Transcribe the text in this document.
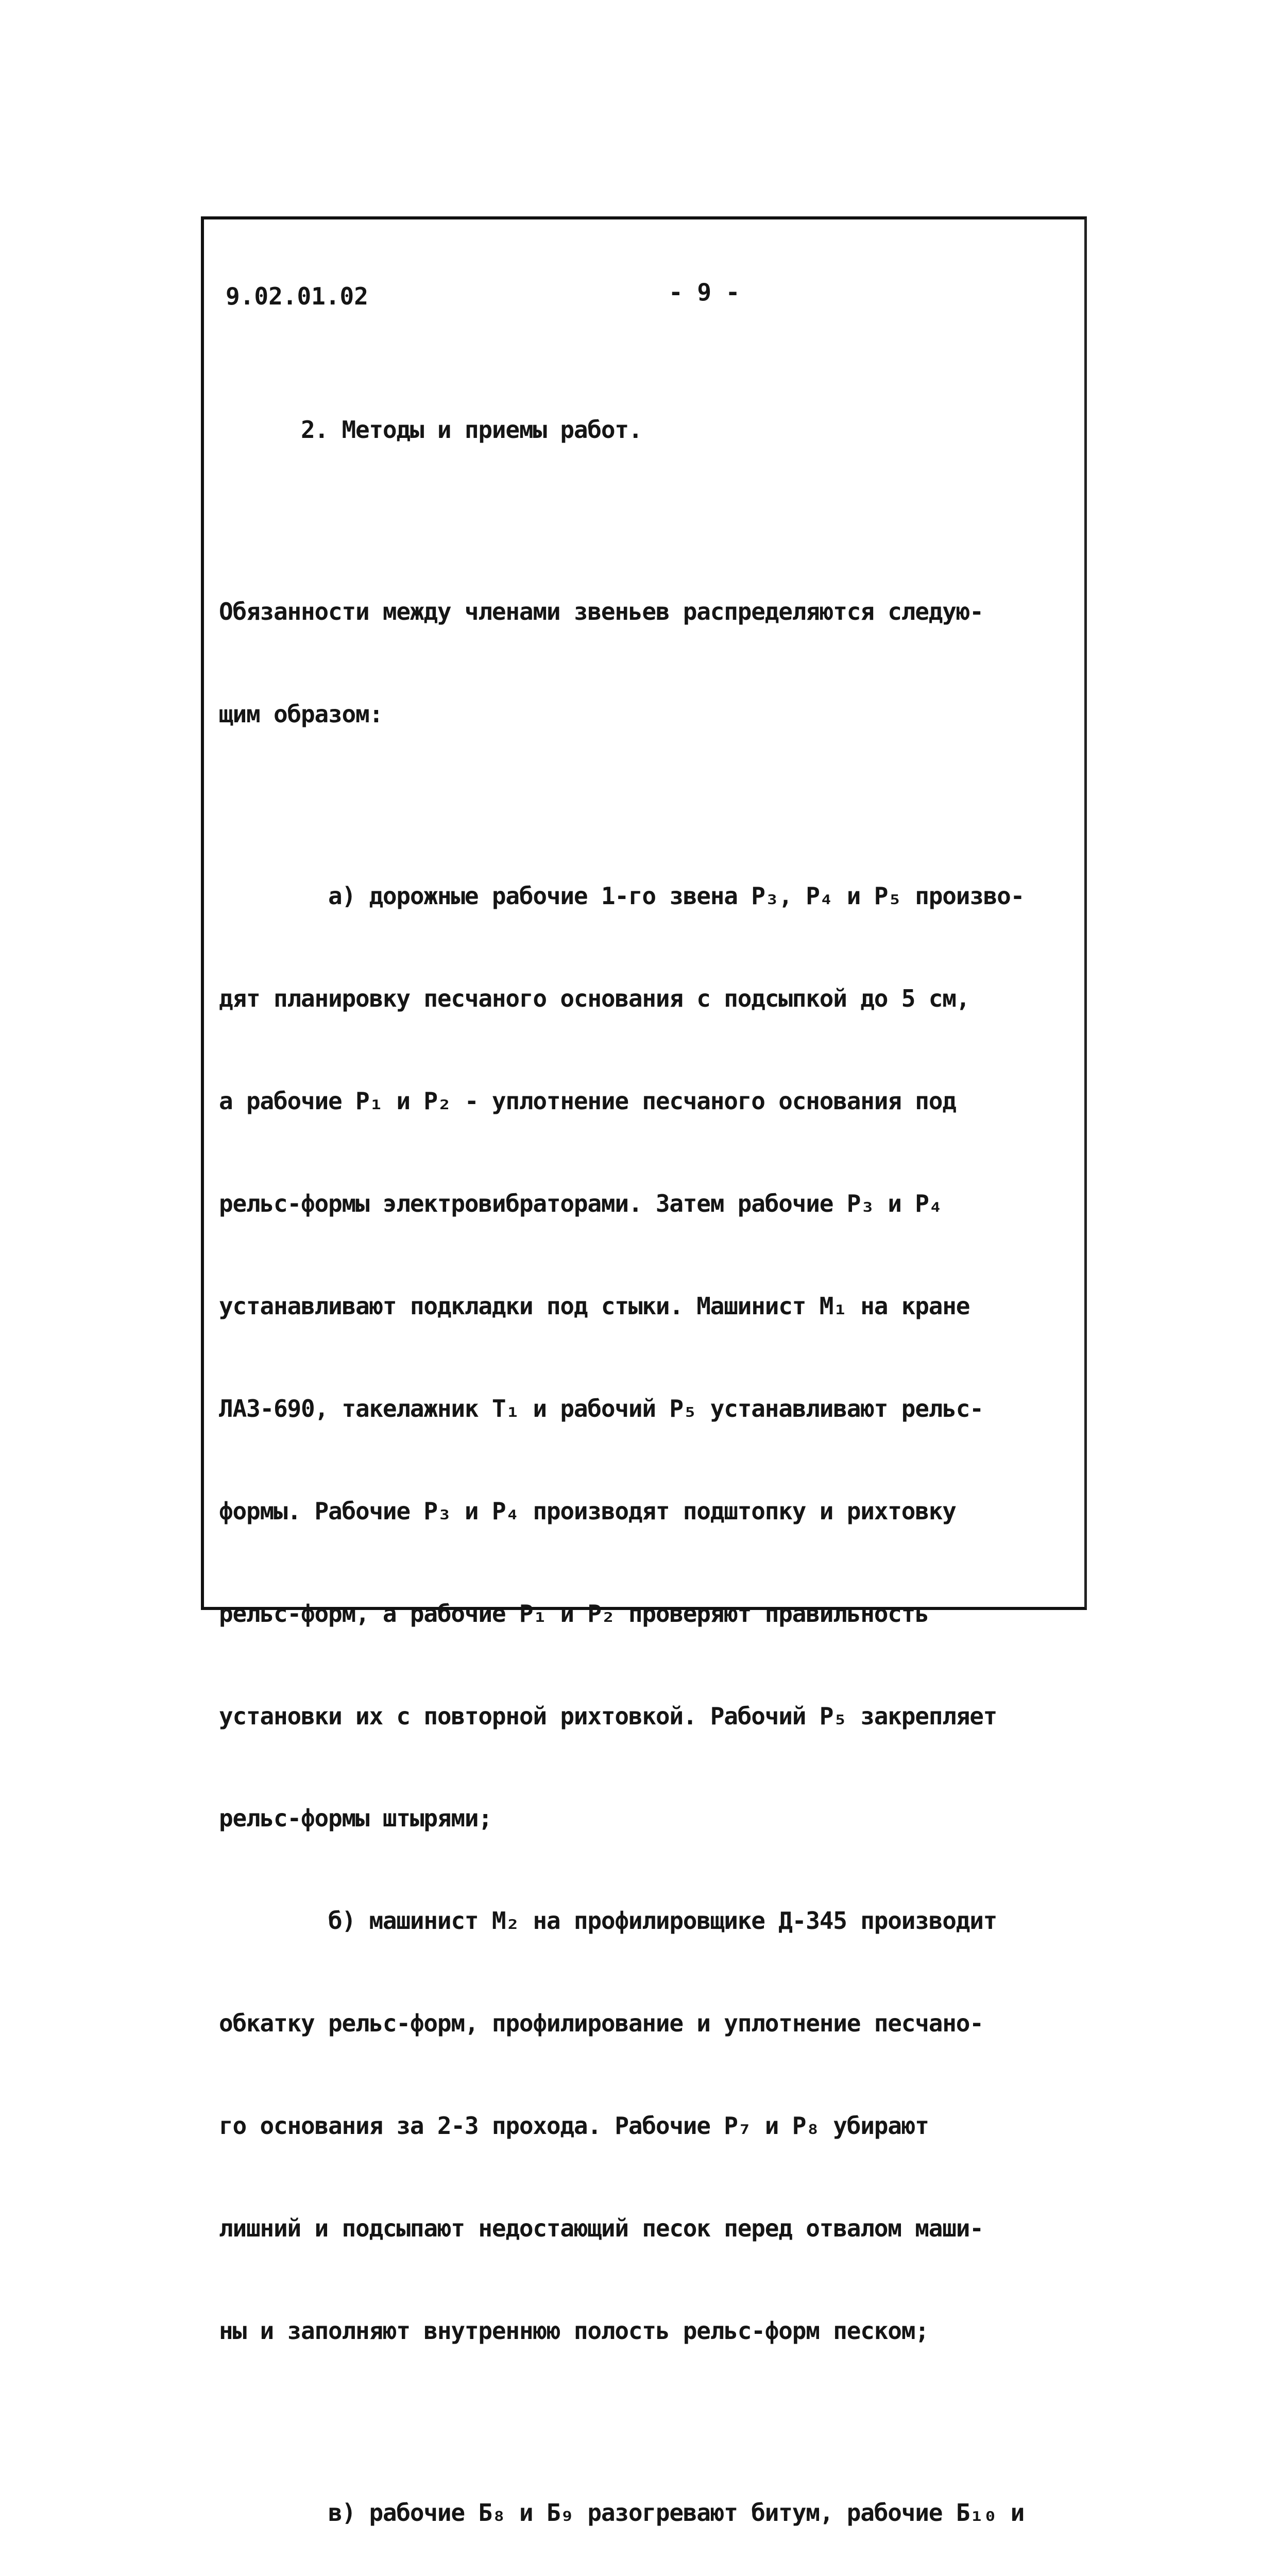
9.02.01.02	- 9 -

2. Методы и приемы работ.

Обязанности между членами звеньев распределяются следую-

щим образом:

а) дорожные рабочие 1-го звена Р₃, Р₄ и Р₅ произво-

дят планировку песчаного основания с подсыпкой до 5 см,

а рабочие Р₁ и Р₂ - уплотнение песчаного основания под

рельс-формы электровибраторами. Затем рабочие Р₃ и Р₄

устанавливают подкладки под стыки. Машинист М₁ на кране

ЛАЗ-690, такелажник Т₁ и рабочий Р₅ устанавливают рельс-

формы. Рабочие Р₃ и Р₄ производят подштопку и рихтовку

рельс-форм, а рабочие Р₁ и Р₂ проверяют правильность

установки их с повторной рихтовкой. Рабочий Р₅ закрепляет

рельс-формы штырями;

б) машинист М₂ на профилировщике Д-345 производит

обкатку рельс-форм, профилирование и уплотнение песчано-

го основания за 2-3 прохода. Рабочие Р₇ и Р₈ убирают

лишний и подсыпают недостающий песок перед отвалом маши-

ны и заполняют внутреннюю полость рельс-форм песком;

в) рабочие Б₈ и Б₉ разогревают битум, рабочие Б₁₀ и
